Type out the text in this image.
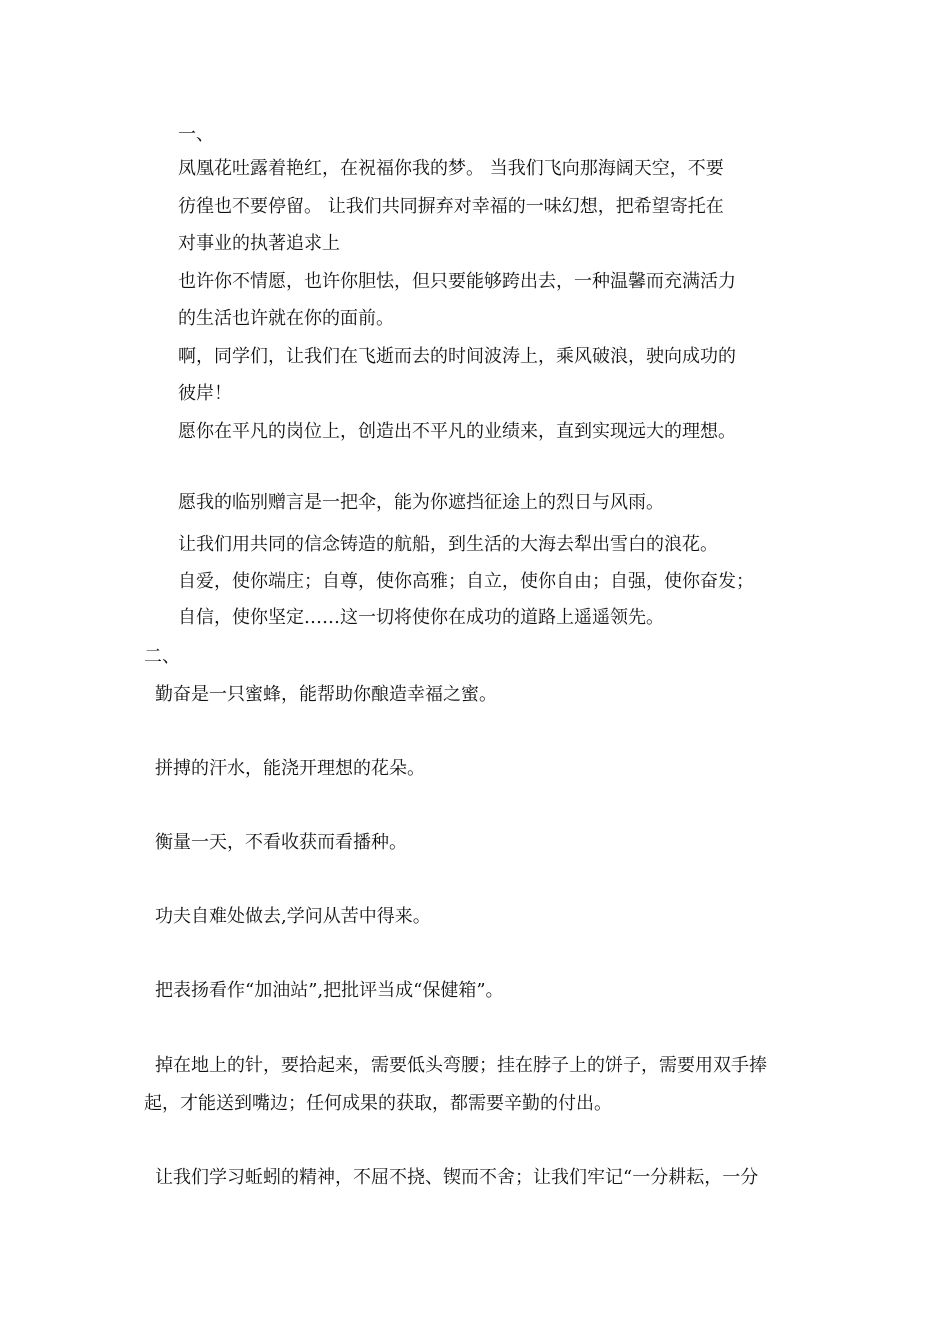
一、
凤凰花吐露着艳红，在祝福你我的梦。 当我们飞向那海阔天空，不要
彷徨也不要停留。 让我们共同摒弃对幸福的一味幻想，把希望寄托在
对事业的执著追求上
也许你不情愿，也许你胆怯，但只要能够跨出去，一种温馨而充满活力
的生活也许就在你的面前。
啊，同学们，让我们在飞逝而去的时间波涛上，乘风破浪，驶向成功的
彼岸！
愿你在平凡的岗位上，创造出不平凡的业绩来，直到实现远大的理想。
愿我的临别赠言是一把伞，能为你遮挡征途上的烈日与风雨。
让我们用共同的信念铸造的航船，到生活的大海去犁出雪白的浪花。
自爱，使你端庄；自尊，使你高雅；自立，使你自由；自强，使你奋发；
自信，使你坚定……这一切将使你在成功的道路上遥遥领先。
二、
勤奋是一只蜜蜂，能帮助你酿造幸福之蜜。
拼搏的汗水，能浇开理想的花朵。
衡量一天，不看收获而看播种。
功夫自难处做去,学问从苦中得来。
把表扬看作“加油站”,把批评当成“保健箱”。
掉在地上的针，要拾起来，需要低头弯腰；挂在脖子上的饼子，需要用双手捧
起，才能送到嘴边；任何成果的获取，都需要辛勤的付出。
让我们学习蚯蚓的精神，不屈不挠、锲而不舍；让我们牢记“一分耕耘，一分
